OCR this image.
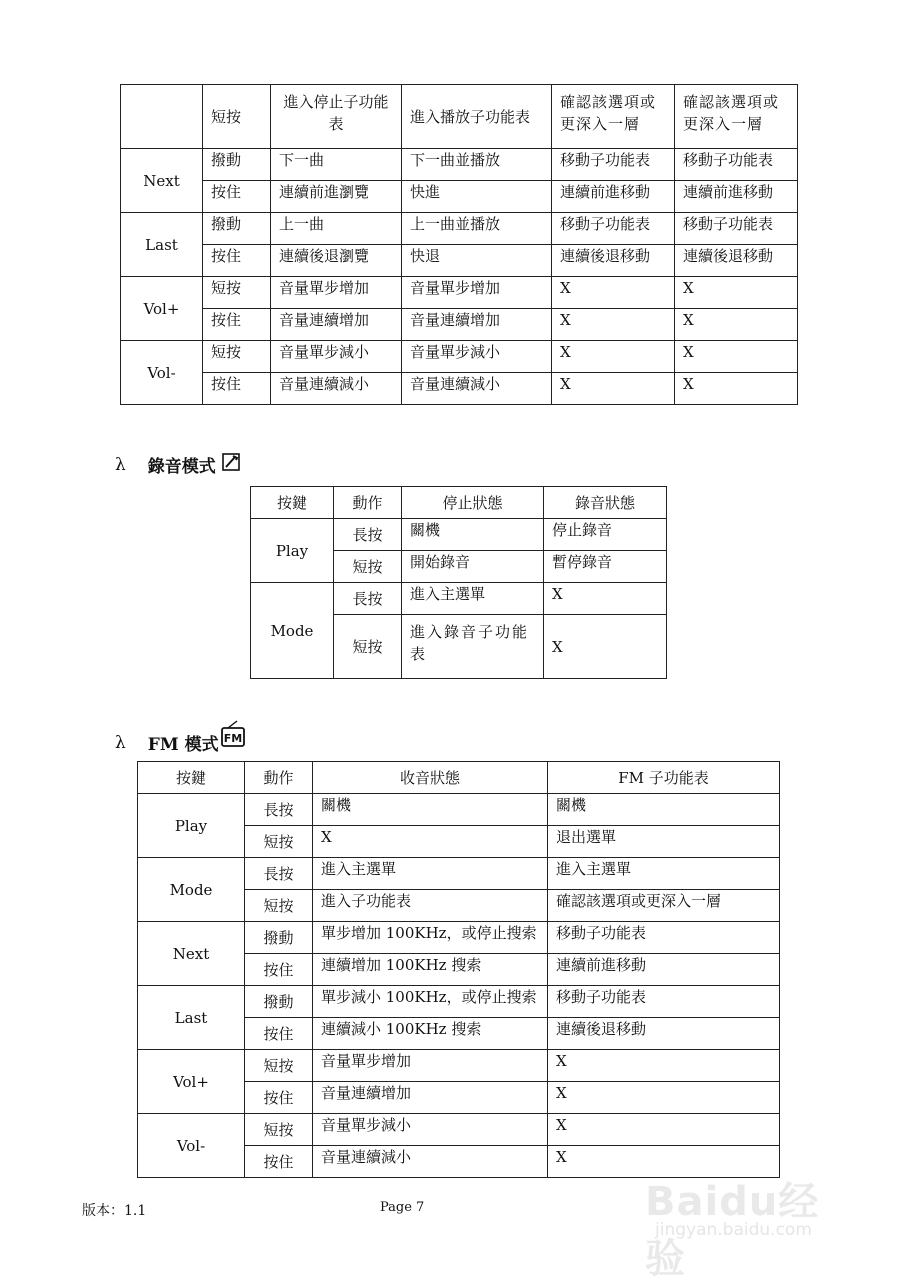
	短按	進入停止子功能表	進入播放子功能表	確認該選項或更深入一層	確認該選項或更深入一層
Next	撥動	下一曲	下一曲並播放	移動子功能表	移動子功能表
	按住	連續前進瀏覽	快進	連續前進移動	連續前進移動
Last	撥動	上一曲	上一曲並播放	移動子功能表	移動子功能表
	按住	連續後退瀏覽	快退	連續後退移動	連續後退移動
Vol+	短按	音量單步增加	音量單步增加	X	X
	按住	音量連續增加	音量連續增加	X	X
Vol-	短按	音量單步減小	音量單步減小	X	X
	按住	音量連續減小	音量連續減小	X	X
λ 錄音模式
按鍵	動作	停止狀態	錄音狀態
Play	長按	關機	停止錄音
	短按	開始錄音	暫停錄音
Mode	長按	進入主選單	X
	短按	進入錄音子功能表	X
λ FM 模式 FM
按鍵	動作	收音狀態	FM 子功能表
Play	長按	關機	關機
	短按	X	退出選單
Mode	長按	進入主選單	進入主選單
	短按	進入子功能表	確認該選項或更深入一層
Next	撥動	單步增加 100KHz，或停止搜索	移動子功能表
	按住	連續增加 100KHz 搜索	連續前進移動
Last	撥動	單步減小 100KHz，或停止搜索	移動子功能表
	按住	連續減小 100KHz 搜索	連續後退移動
Vol+	短按	音量單步增加	X
	按住	音量連續增加	X
Vol-	短按	音量單步減小	X
	按住	音量連續減小	X
版本：1.1	Page 7	Baidu经验
jingyan.baidu.com
